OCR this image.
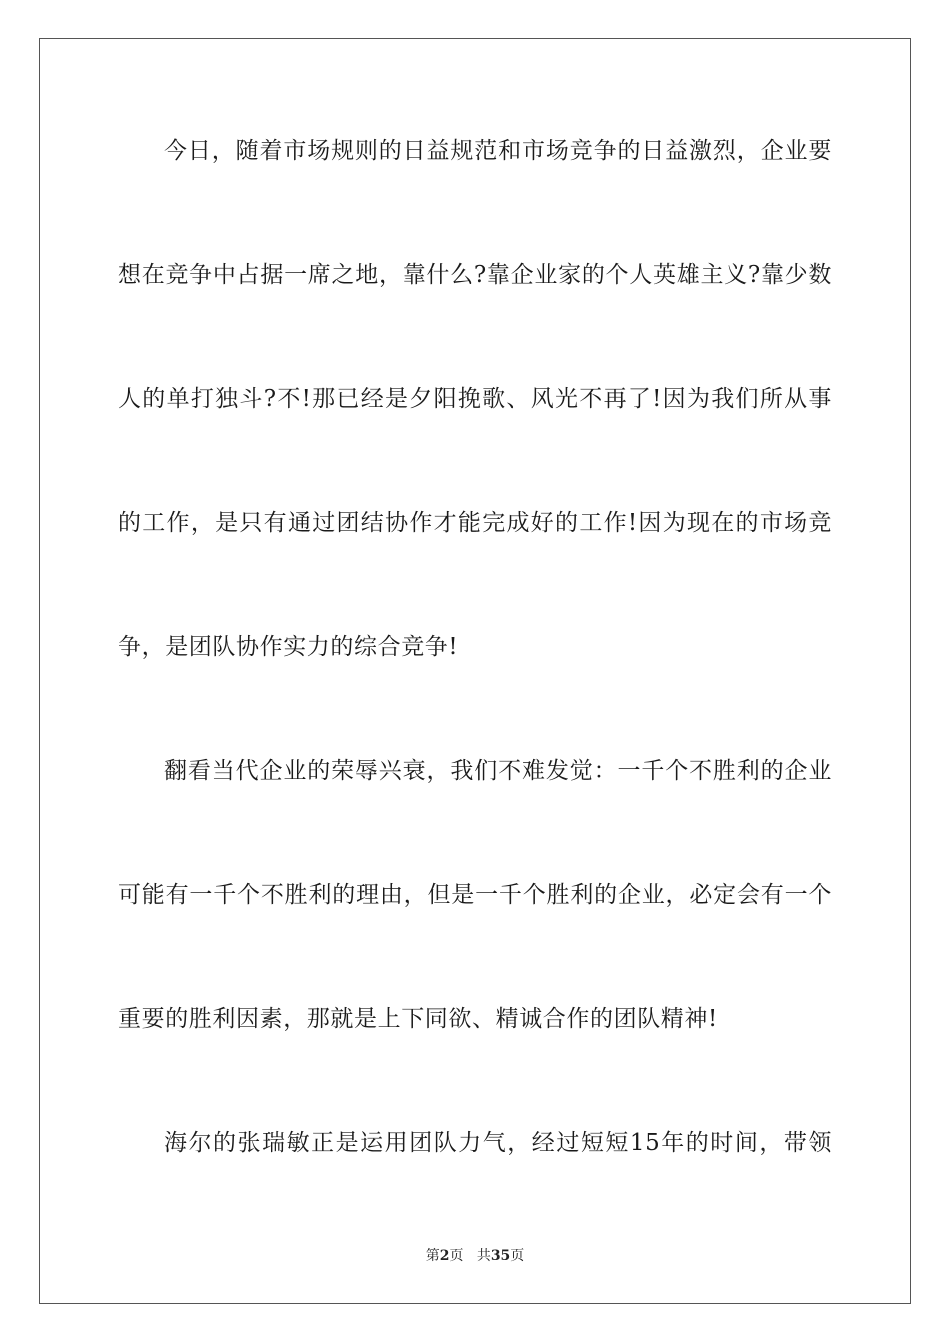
今日，随着市场规则的日益规范和市场竞争的日益激烈，企业要
想在竞争中占据一席之地，靠什么?靠企业家的个人英雄主义?靠少数
人的单打独斗?不!那已经是夕阳挽歌、风光不再了!因为我们所从事
的工作，是只有通过团结协作才能完成好的工作!因为现在的市场竞
争，是团队协作实力的综合竞争!
翻看当代企业的荣辱兴衰，我们不难发觉：一千个不胜利的企业
可能有一千个不胜利的理由，但是一千个胜利的企业，必定会有一个
重要的胜利因素，那就是上下同欲、精诚合作的团队精神!
海尔的张瑞敏正是运用团队力气，经过短短15年的时间，带领
第2页 共35页
